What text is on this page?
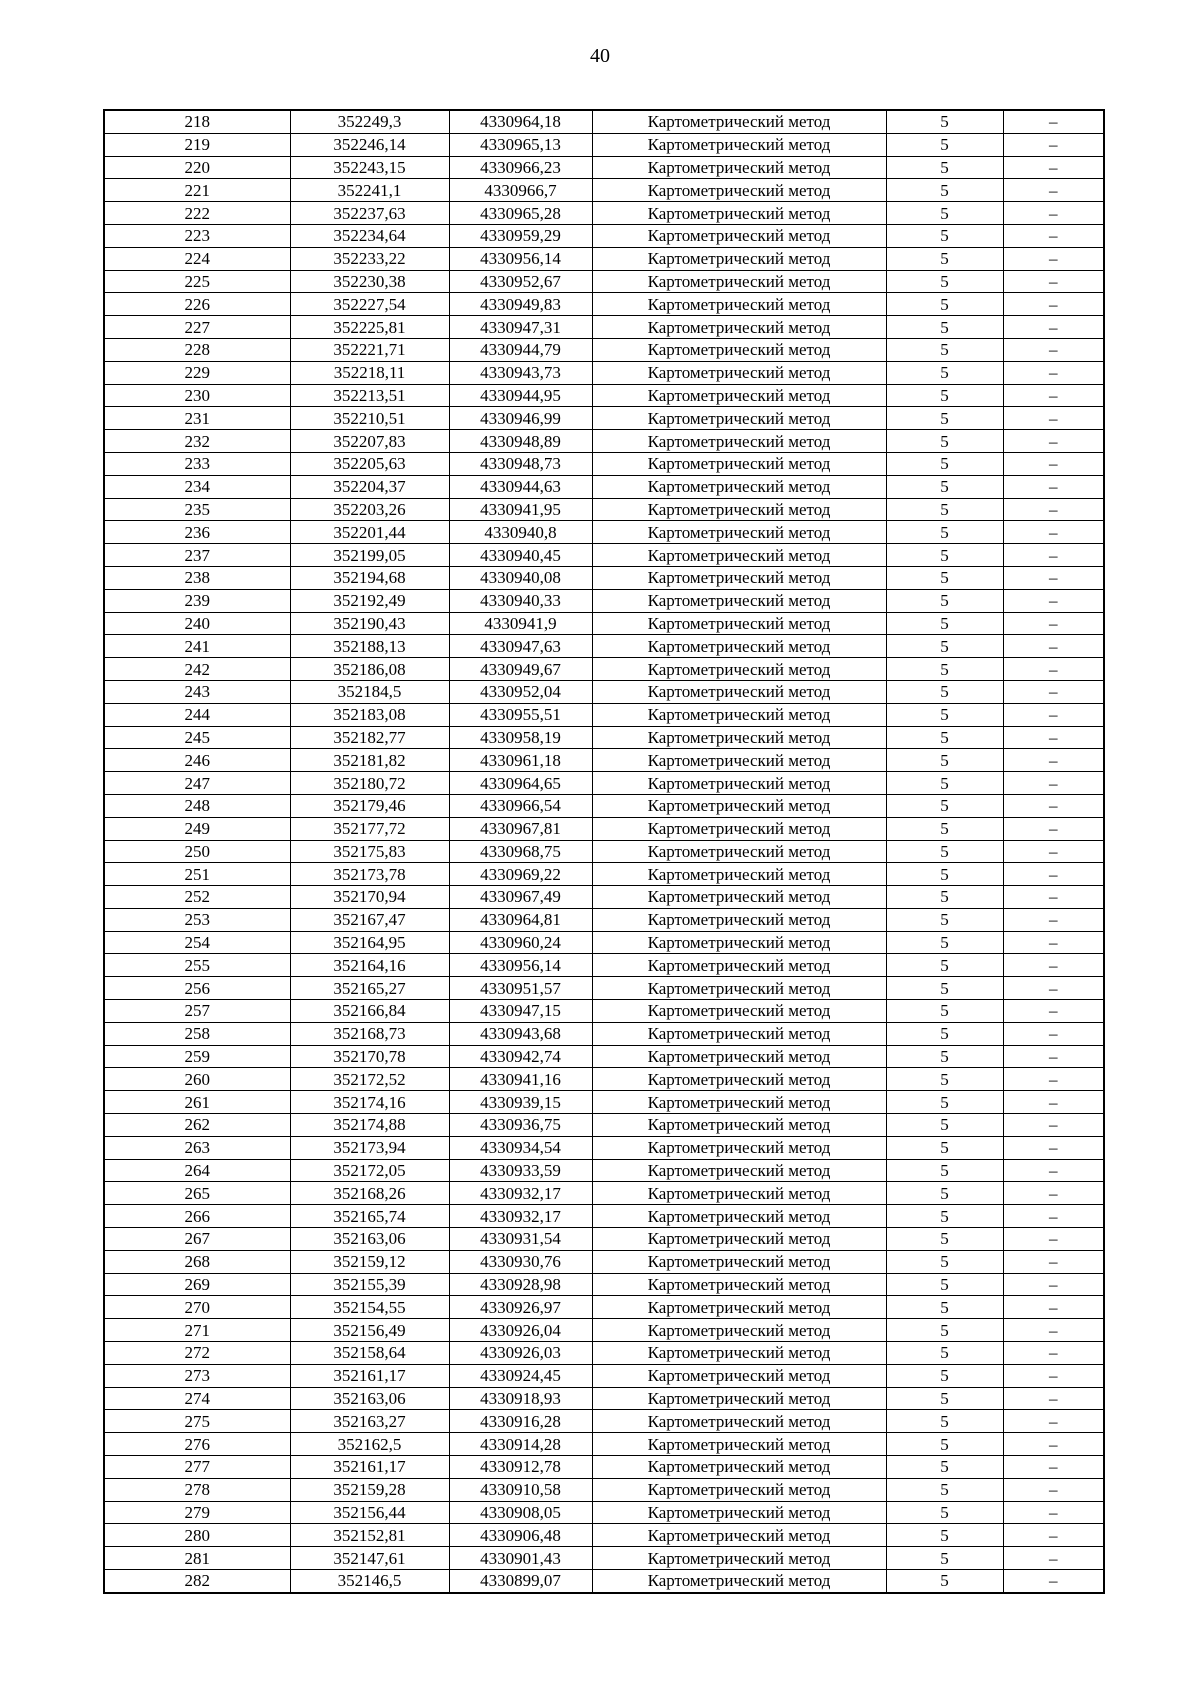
40
218	352249,3	4330964,18	Картометрический метод	5	–
219	352246,14	4330965,13	Картометрический метод	5	–
220	352243,15	4330966,23	Картометрический метод	5	–
221	352241,1	4330966,7	Картометрический метод	5	–
222	352237,63	4330965,28	Картометрический метод	5	–
223	352234,64	4330959,29	Картометрический метод	5	–
224	352233,22	4330956,14	Картометрический метод	5	–
225	352230,38	4330952,67	Картометрический метод	5	–
226	352227,54	4330949,83	Картометрический метод	5	–
227	352225,81	4330947,31	Картометрический метод	5	–
228	352221,71	4330944,79	Картометрический метод	5	–
229	352218,11	4330943,73	Картометрический метод	5	–
230	352213,51	4330944,95	Картометрический метод	5	–
231	352210,51	4330946,99	Картометрический метод	5	–
232	352207,83	4330948,89	Картометрический метод	5	–
233	352205,63	4330948,73	Картометрический метод	5	–
234	352204,37	4330944,63	Картометрический метод	5	–
235	352203,26	4330941,95	Картометрический метод	5	–
236	352201,44	4330940,8	Картометрический метод	5	–
237	352199,05	4330940,45	Картометрический метод	5	–
238	352194,68	4330940,08	Картометрический метод	5	–
239	352192,49	4330940,33	Картометрический метод	5	–
240	352190,43	4330941,9	Картометрический метод	5	–
241	352188,13	4330947,63	Картометрический метод	5	–
242	352186,08	4330949,67	Картометрический метод	5	–
243	352184,5	4330952,04	Картометрический метод	5	–
244	352183,08	4330955,51	Картометрический метод	5	–
245	352182,77	4330958,19	Картометрический метод	5	–
246	352181,82	4330961,18	Картометрический метод	5	–
247	352180,72	4330964,65	Картометрический метод	5	–
248	352179,46	4330966,54	Картометрический метод	5	–
249	352177,72	4330967,81	Картометрический метод	5	–
250	352175,83	4330968,75	Картометрический метод	5	–
251	352173,78	4330969,22	Картометрический метод	5	–
252	352170,94	4330967,49	Картометрический метод	5	–
253	352167,47	4330964,81	Картометрический метод	5	–
254	352164,95	4330960,24	Картометрический метод	5	–
255	352164,16	4330956,14	Картометрический метод	5	–
256	352165,27	4330951,57	Картометрический метод	5	–
257	352166,84	4330947,15	Картометрический метод	5	–
258	352168,73	4330943,68	Картометрический метод	5	–
259	352170,78	4330942,74	Картометрический метод	5	–
260	352172,52	4330941,16	Картометрический метод	5	–
261	352174,16	4330939,15	Картометрический метод	5	–
262	352174,88	4330936,75	Картометрический метод	5	–
263	352173,94	4330934,54	Картометрический метод	5	–
264	352172,05	4330933,59	Картометрический метод	5	–
265	352168,26	4330932,17	Картометрический метод	5	–
266	352165,74	4330932,17	Картометрический метод	5	–
267	352163,06	4330931,54	Картометрический метод	5	–
268	352159,12	4330930,76	Картометрический метод	5	–
269	352155,39	4330928,98	Картометрический метод	5	–
270	352154,55	4330926,97	Картометрический метод	5	–
271	352156,49	4330926,04	Картометрический метод	5	–
272	352158,64	4330926,03	Картометрический метод	5	–
273	352161,17	4330924,45	Картометрический метод	5	–
274	352163,06	4330918,93	Картометрический метод	5	–
275	352163,27	4330916,28	Картометрический метод	5	–
276	352162,5	4330914,28	Картометрический метод	5	–
277	352161,17	4330912,78	Картометрический метод	5	–
278	352159,28	4330910,58	Картометрический метод	5	–
279	352156,44	4330908,05	Картометрический метод	5	–
280	352152,81	4330906,48	Картометрический метод	5	–
281	352147,61	4330901,43	Картометрический метод	5	–
282	352146,5	4330899,07	Картометрический метод	5	–
